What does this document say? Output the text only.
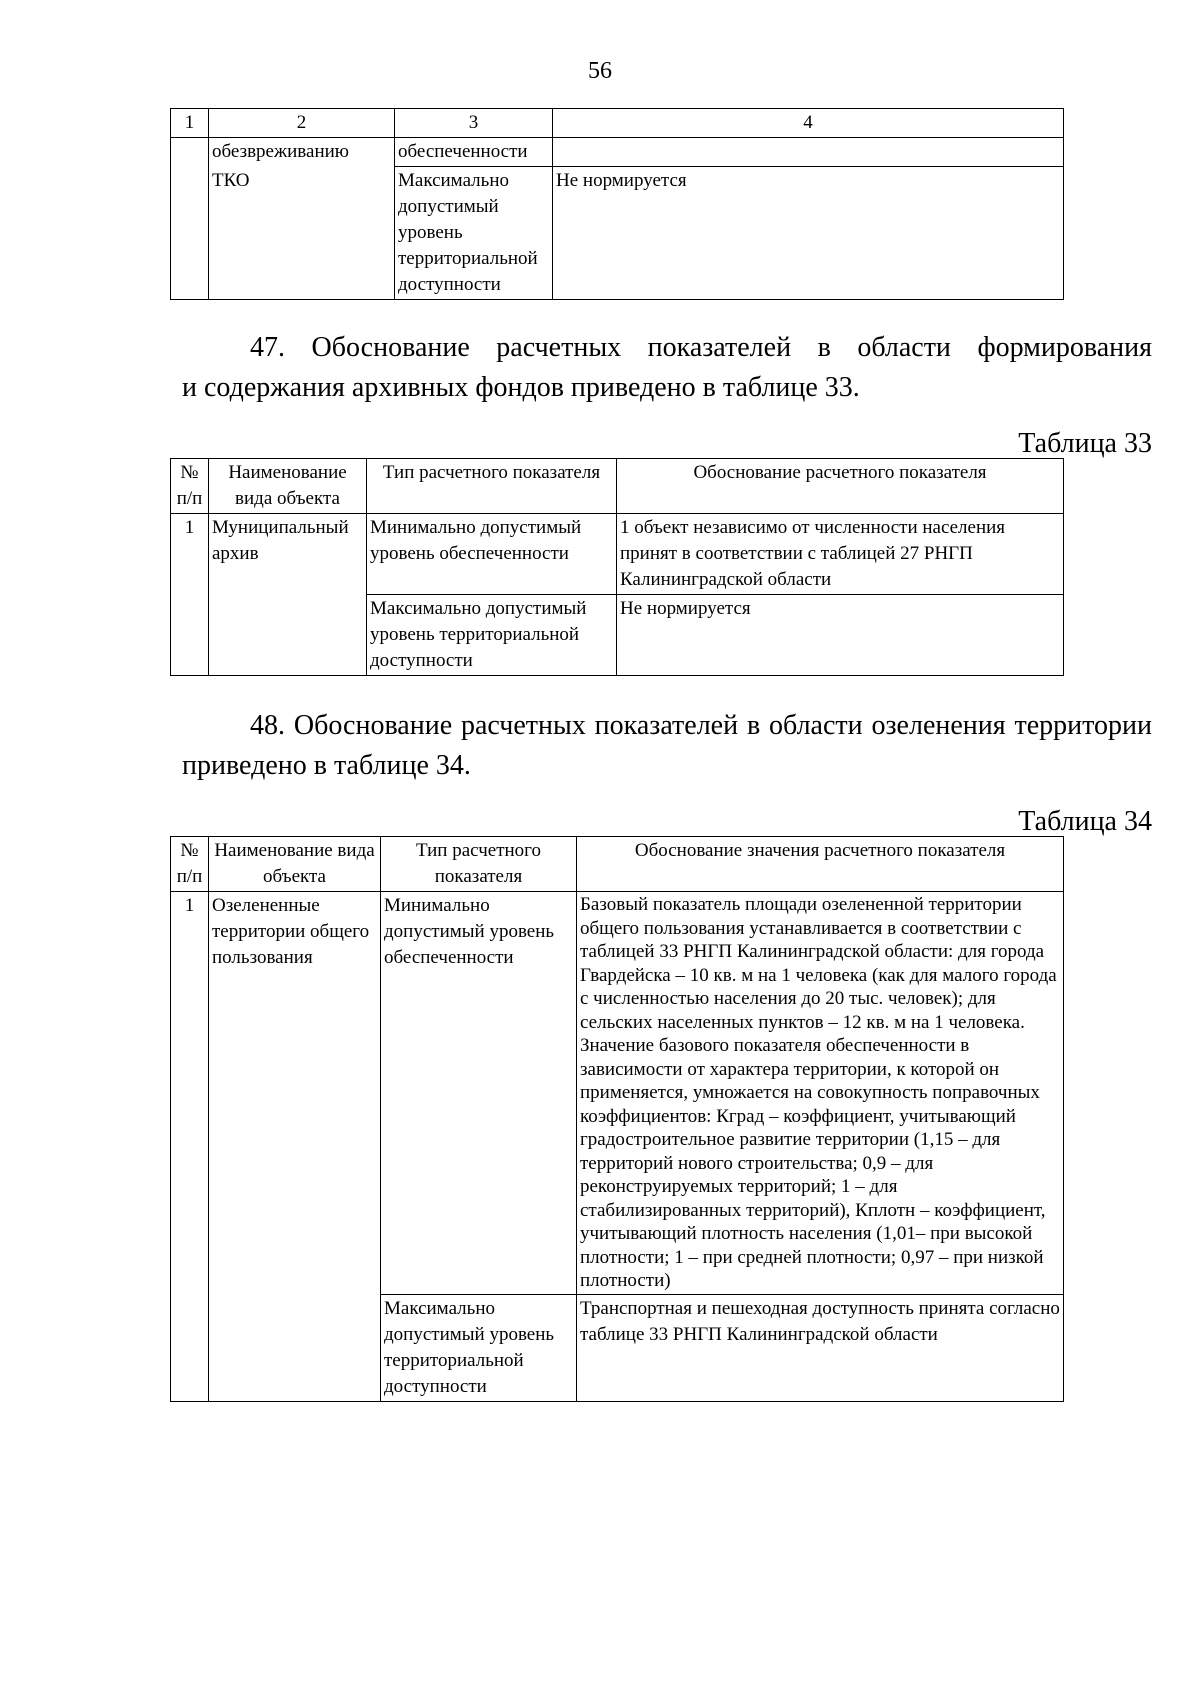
56
1	2	3	4
	обезвреживанию	обеспеченности	
	ТКО	Максимально допустимый уровень территориальной доступности	Не нормируется
47. Обоснование расчетных показателей в области формирования
и содержания архивных фондов приведено в таблице 33.
Таблица 33
№ п/п	Наименование вида объекта	Тип расчетного показателя	Обоснование расчетного показателя
1	Муниципальный архив	Минимально допустимый уровень обеспеченности	1 объект независимо от численности населения принят в соответствии с таблицей 27 РНГП Калининградской области
		Максимально допустимый уровень территориальной доступности	Не нормируется
48. Обоснование расчетных показателей в области озеленения территории
приведено в таблице 34.
Таблица 34
№ п/п	Наименование вида объекта	Тип расчетного показателя	Обоснование значения расчетного показателя
1	Озелененные территории общего пользования	Минимально допустимый уровень обеспеченности	Базовый показатель площади озелененной территории общего пользования устанавливается в соответствии с таблицей 33 РНГП Калининградской области: для города Гвардейска – 10 кв. м на 1 человека (как для малого города с численностью населения до 20 тыс. человек); для сельских населенных пунктов – 12 кв. м на 1 человека. Значение базового показателя обеспеченности в зависимости от характера территории, к которой он применяется, умножается на совокупность поправочных коэффициентов: Кград – коэффициент, учитывающий градостроительное развитие территории (1,15 – для территорий нового строительства; 0,9 – для реконструируемых территорий; 1 – для стабилизированных территорий), Кплотн – коэффициент, учитывающий плотность населения (1,01– при высокой плотности; 1 – при средней плотности; 0,97 – при низкой плотности)
		Максимально допустимый уровень территориальной доступности	Транспортная и пешеходная доступность принята согласно таблице 33 РНГП Калининградской области
